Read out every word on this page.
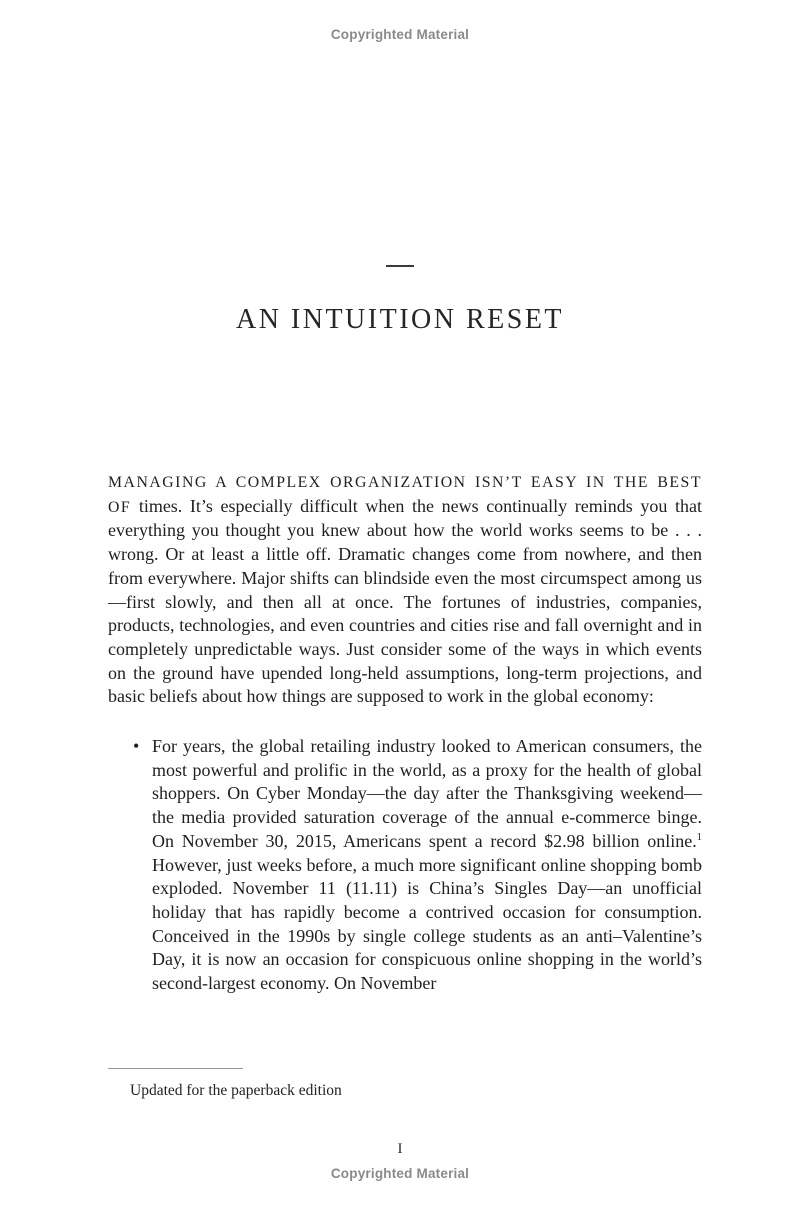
Copyrighted Material
AN INTUITION RESET

MANAGING A COMPLEX ORGANIZATION ISN’T EASY IN THE BEST OF times. It’s especially difficult when the news continually reminds you that everything you thought you knew about how the world works seems to be . . . wrong. Or at least a little off. Dramatic changes come from nowhere, and then from everywhere. Major shifts can blindside even the most circumspect among us—first slowly, and then all at once. The fortunes of industries, companies, products, technologies, and even countries and cities rise and fall overnight and in completely unpredictable ways. Just consider some of the ways in which events on the ground have upended long-held assumptions, long-term projections, and basic beliefs about how things are supposed to work in the global economy:

• For years, the global retailing industry looked to American consumers, the most powerful and prolific in the world, as a proxy for the health of global shoppers. On Cyber Monday—the day after the Thanksgiving weekend—the media provided saturation coverage of the annual e-commerce binge. On November 30, 2015, Americans spent a record $2.98 billion online.$^1$ However, just weeks before, a much more significant online shopping bomb exploded. November 11 (11.11) is China’s Singles Day—an unofficial holiday that has rapidly become a contrived occasion for consumption. Conceived in the 1990s by single college students as an anti–Valentine’s Day, it is now an occasion for conspicuous online shopping in the world’s second-largest economy. On November
Updated for the paperback edition
I
Copyrighted Material
